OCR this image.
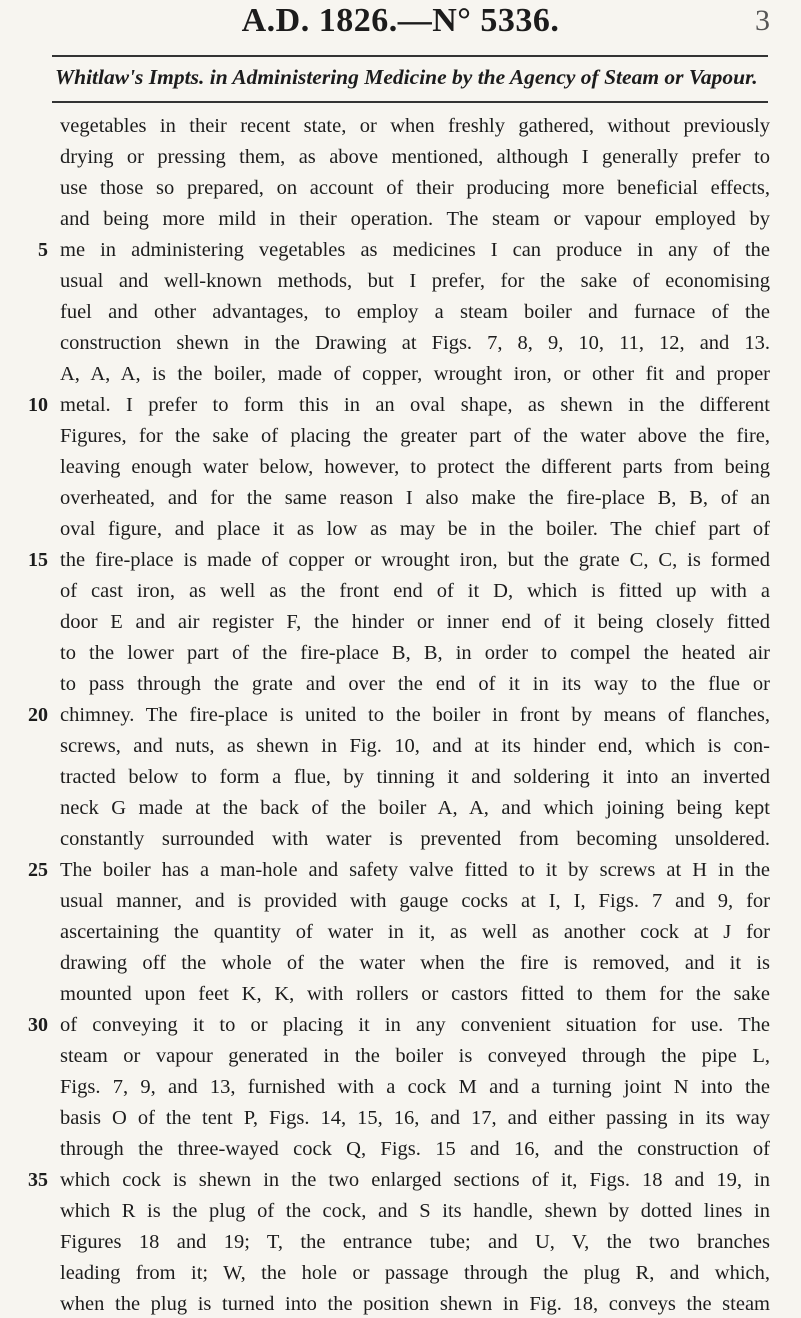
A.D. 1826.—N° 5336.	3
Whitlaw's Impts. in Administering Medicine by the Agency of Steam or Vapour.
vegetables in their recent state, or when freshly gathered, without previously
drying or pressing them, as above mentioned, although I generally prefer to
use those so prepared, on account of their producing more beneficial effects,
and being more mild in their operation. The steam or vapour employed by
5 me in administering vegetables as medicines I can produce in any of the
usual and well-known methods, but I prefer, for the sake of economising
fuel and other advantages, to employ a steam boiler and furnace of the
construction shewn in the Drawing at Figs. 7, 8, 9, 10, 11, 12, and 13.
A, A, A, is the boiler, made of copper, wrought iron, or other fit and proper
10 metal. I prefer to form this in an oval shape, as shewn in the different
Figures, for the sake of placing the greater part of the water above the fire,
leaving enough water below, however, to protect the different parts from being
overheated, and for the same reason I also make the fire-place B, B, of an
oval figure, and place it as low as may be in the boiler. The chief part of
15 the fire-place is made of copper or wrought iron, but the grate C, C, is formed
of cast iron, as well as the front end of it D, which is fitted up with a
door E and air register F, the hinder or inner end of it being closely fitted
to the lower part of the fire-place B, B, in order to compel the heated air
to pass through the grate and over the end of it in its way to the flue or
20 chimney. The fire-place is united to the boiler in front by means of flanches,
screws, and nuts, as shewn in Fig. 10, and at its hinder end, which is con-
tracted below to form a flue, by tinning it and soldering it into an inverted
neck G made at the back of the boiler A, A, and which joining being kept
constantly surrounded with water is prevented from becoming unsoldered.
25 The boiler has a man-hole and safety valve fitted to it by screws at H in the
usual manner, and is provided with gauge cocks at I, I, Figs. 7 and 9, for
ascertaining the quantity of water in it, as well as another cock at J for
drawing off the whole of the water when the fire is removed, and it is
mounted upon feet K, K, with rollers or castors fitted to them for the sake
30 of conveying it to or placing it in any convenient situation for use. The
steam or vapour generated in the boiler is conveyed through the pipe L,
Figs. 7, 9, and 13, furnished with a cock M and a turning joint N into the
basis O of the tent P, Figs. 14, 15, 16, and 17, and either passing in its way
through the three-wayed cock Q, Figs. 15 and 16, and the construction of
35 which cock is shewn in the two enlarged sections of it, Figs. 18 and 19, in
which R is the plug of the cock, and S its handle, shewn by dotted lines in
Figures 18 and 19; T, the entrance tube; and U, V, the two branches
leading from it; W, the hole or passage through the plug R, and which,
when the plug is turned into the position shewn in Fig. 18, conveys the steam
